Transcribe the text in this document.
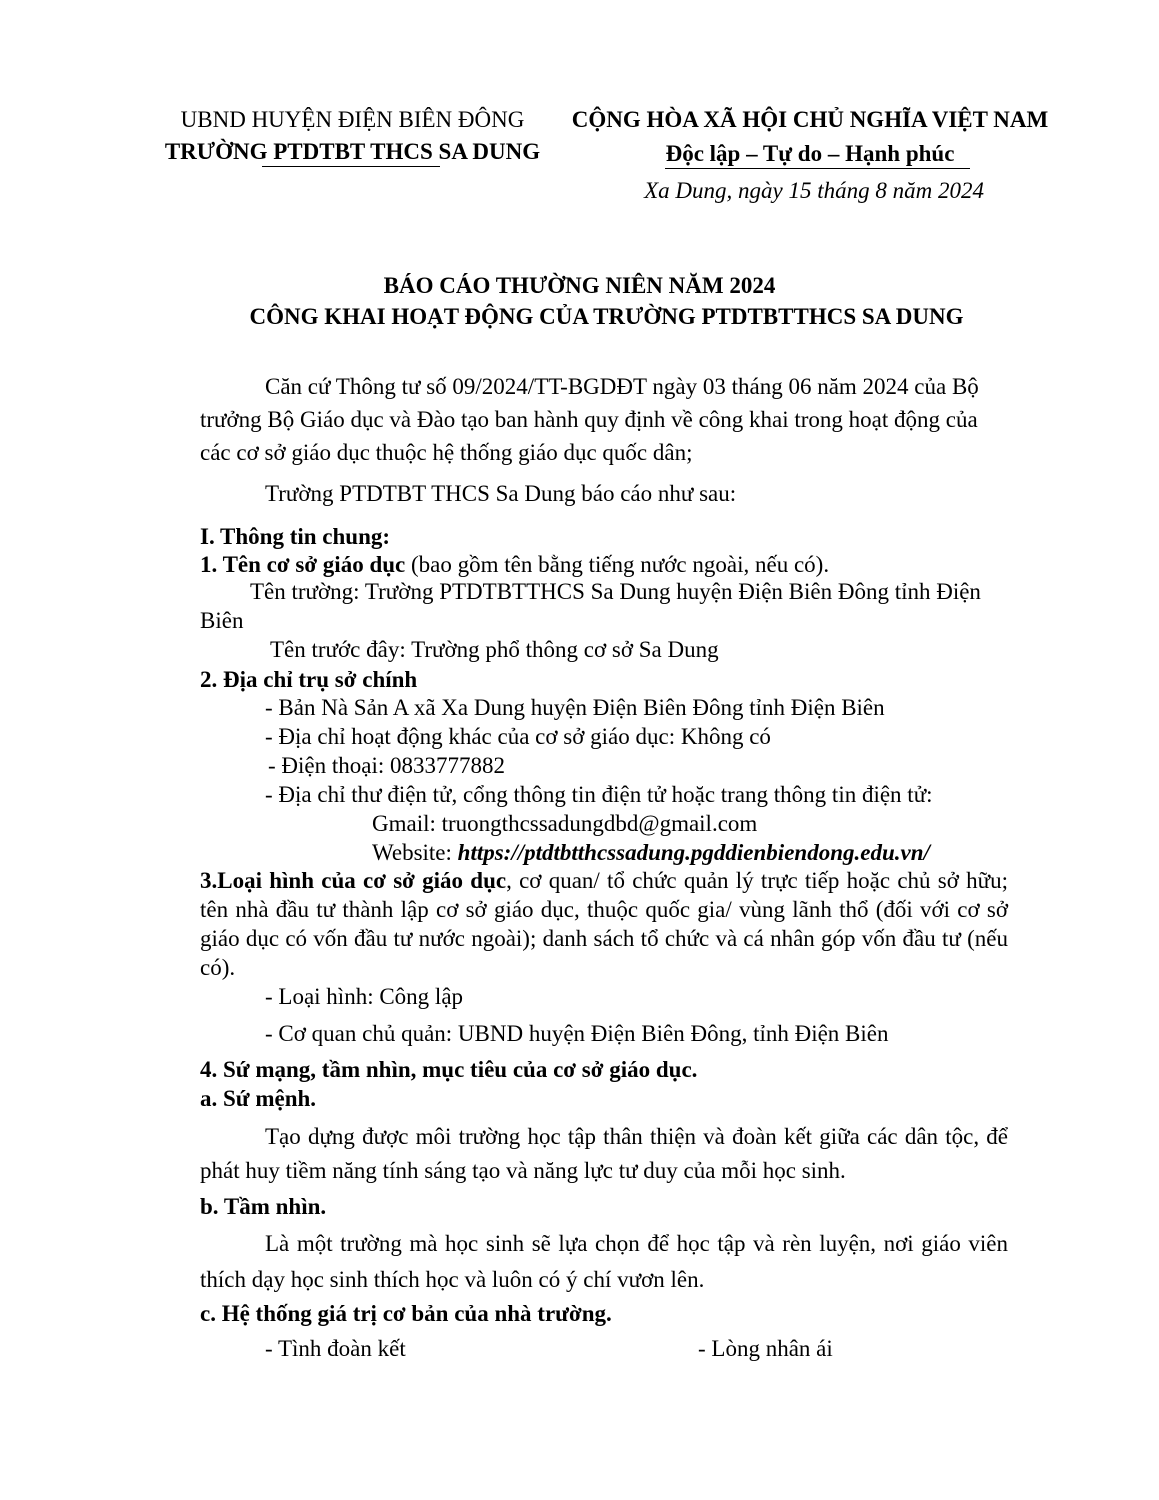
UBND HUYỆN ĐIỆN BIÊN ĐÔNG
TRƯỜNG PTDTBT THCS SA DUNG
CỘNG HÒA XÃ HỘI CHỦ NGHĨA VIỆT NAM
Độc lập – Tự do – Hạnh phúc
Xa Dung, ngày 15 tháng 8 năm 2024
BÁO CÁO THƯỜNG NIÊN NĂM 2024
CÔNG KHAI HOẠT ĐỘNG CỦA TRƯỜNG PTDTBTTHCS SA DUNG
Căn cứ Thông tư số 09/2024/TT-BGDĐT ngày 03 tháng 06 năm 2024 của Bộ trưởng Bộ Giáo dục và Đào tạo ban hành quy định về công khai trong hoạt động của các cơ sở giáo dục thuộc hệ thống giáo dục quốc dân;
Trường PTDTBT THCS Sa Dung báo cáo như sau:
I. Thông tin chung:
1. Tên cơ sở giáo dục (bao gồm tên bằng tiếng nước ngoài, nếu có).
Tên trường: Trường PTDTBTTHCS Sa Dung huyện Điện Biên Đông tỉnh Điện Biên
Tên trước đây: Trường phổ thông cơ sở Sa Dung
2. Địa chỉ trụ sở chính
- Bản Nà Sản A xã Xa Dung huyện Điện Biên Đông tỉnh Điện Biên
- Địa chỉ hoạt động khác của cơ sở giáo dục: Không có
- Điện thoại: 0833777882
- Địa chỉ thư điện tử, cổng thông tin điện tử hoặc trang thông tin điện tử:
Gmail: truongthcssadungdbd@gmail.com
Website: https://ptdtbtthcssadung.pgddienbiendong.edu.vn/
3.Loại hình của cơ sở giáo dục, cơ quan/ tổ chức quản lý trực tiếp hoặc chủ sở hữu; tên nhà đầu tư thành lập cơ sở giáo dục, thuộc quốc gia/ vùng lãnh thổ (đối với cơ sở giáo dục có vốn đầu tư nước ngoài); danh sách tổ chức và cá nhân góp vốn đầu tư (nếu có).
- Loại hình: Công lập
- Cơ quan chủ quản: UBND huyện Điện Biên Đông, tỉnh Điện Biên
4. Sứ mạng, tầm nhìn, mục tiêu của cơ sở giáo dục.
a. Sứ mệnh.
Tạo dựng được môi trường học tập thân thiện và đoàn kết giữa các dân tộc, để phát huy tiềm năng tính sáng tạo và năng lực tư duy của mỗi học sinh.
b. Tầm nhìn.
Là một trường mà học sinh sẽ lựa chọn để học tập và rèn luyện, nơi giáo viên thích dạy học sinh thích học và luôn có ý chí vươn lên.
c. Hệ thống giá trị cơ bản của nhà trường.
- Tình đoàn kết	- Lòng nhân ái
